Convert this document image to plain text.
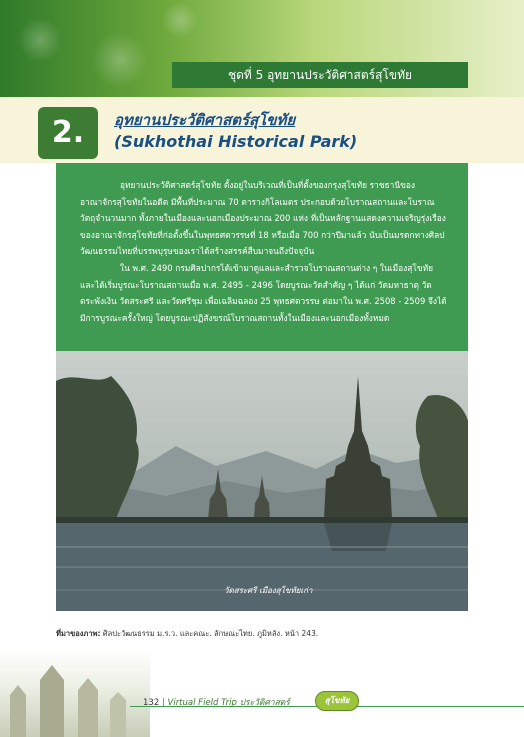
ชุดที่ 5 อุทยานประวัติศาสตร์สุโขทัย
2.	อุทยานประวัติศาสตร์สุโขทัย
(Sukhothai Historical Park)

อุทยานประวัติศาสตร์สุโขทัย ตั้งอยู่ในบริเวณที่เป็นที่ตั้งของกรุงสุโขทัย ราชธานีของอาณาจักรสุโขทัยในอดีต มีพื้นที่ประมาณ 70 ตารางกิโลเมตร ประกอบด้วยโบราณสถานและโบราณวัตถุจำนวนมาก ทั้งภายในเมืองและนอกเมืองประมาณ 200 แห่ง ที่เป็นหลักฐานแสดงความเจริญรุ่งเรืองของอาณาจักรสุโขทัยที่ก่อตั้งขึ้นในพุทธศตวรรษที่ 18 หรือเมื่อ 700 กว่าปีมาแล้ว นับเป็นมรดกทางศิลปวัฒนธรรมไทยที่บรรพบุรุษของเราได้สร้างสรรค์สืบมาจนถึงปัจจุบัน

ใน พ.ศ. 2490 กรมศิลปากรได้เข้ามาดูแลและสำรวจโบราณสถานต่าง ๆ ในเมืองสุโขทัย และได้เริ่มบูรณะโบราณสถานเมื่อ พ.ศ. 2495 - 2496 โดยบูรณะวัดสำคัญ ๆ ได้แก่ วัดมหาธาตุ วัดตระพังเงิน วัดสระศรี และวัดศรีชุม เพื่อเฉลิมฉลอง 25 พุทธศตวรรษ ต่อมาใน พ.ศ. 2508 - 2509 จึงได้มีการบูรณะครั้งใหญ่ โดยบูรณะปฏิสังขรณ์โบราณสถานทั้งในเมืองและนอกเมืองทั้งหมด

วัดสระศรี เมืองสุโขทัยเก่า
ที่มาของภาพ: ศิลปะวัฒนธรรม ม.ร.ว. และคณะ. ลักษณะไทย. ภูมิหลัง. หน้า 243.
132 | Virtual Field Trip ประวัติศาสตร์	สุโขทัย
